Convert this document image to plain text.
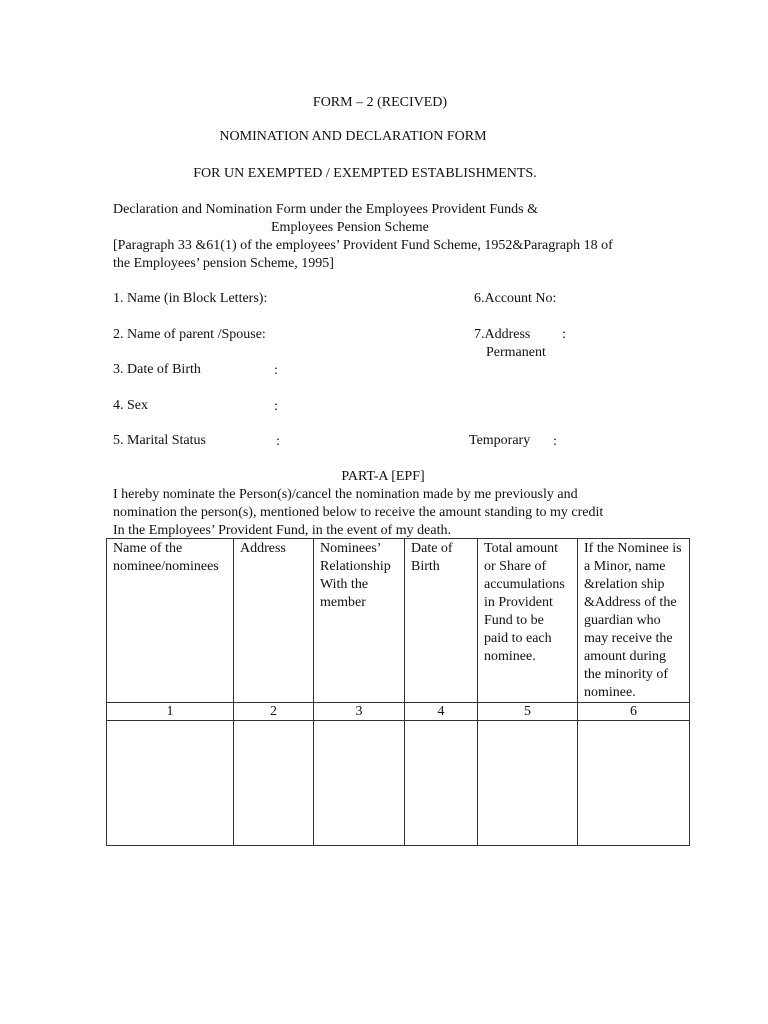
FORM – 2 (RECIVED)
NOMINATION AND DECLARATION FORM
FOR UN EXEMPTED / EXEMPTED ESTABLISHMENTS.
Declaration and Nomination Form under the Employees Provident Funds &
Employees Pension Scheme
[Paragraph 33 &61(1) of the employees’ Provident Fund Scheme, 1952&Paragraph 18 of
the Employees’ pension Scheme, 1995]
1. Name (in Block Letters):	6.Account No:
2. Name of parent /Spouse:	7.Address :
Permanent
3. Date of Birth	:
4. Sex	:
5. Marital Status	:	Temporary :
PART-A [EPF]
I hereby nominate the Person(s)/cancel the nomination made by me previously and
nomination the person(s), mentioned below to receive the amount standing to my credit
In the Employees’ Provident Fund, in the event of my death.
Name of the nominee/nominees	Address	Nominees’ Relationship With the member	Date of Birth	Total amount or Share of accumulations in Provident Fund to be paid to each nominee.	If the Nominee is a Minor, name &relation ship &Address of the guardian who may receive the amount during the minority of nominee.
1	2	3	4	5	6
